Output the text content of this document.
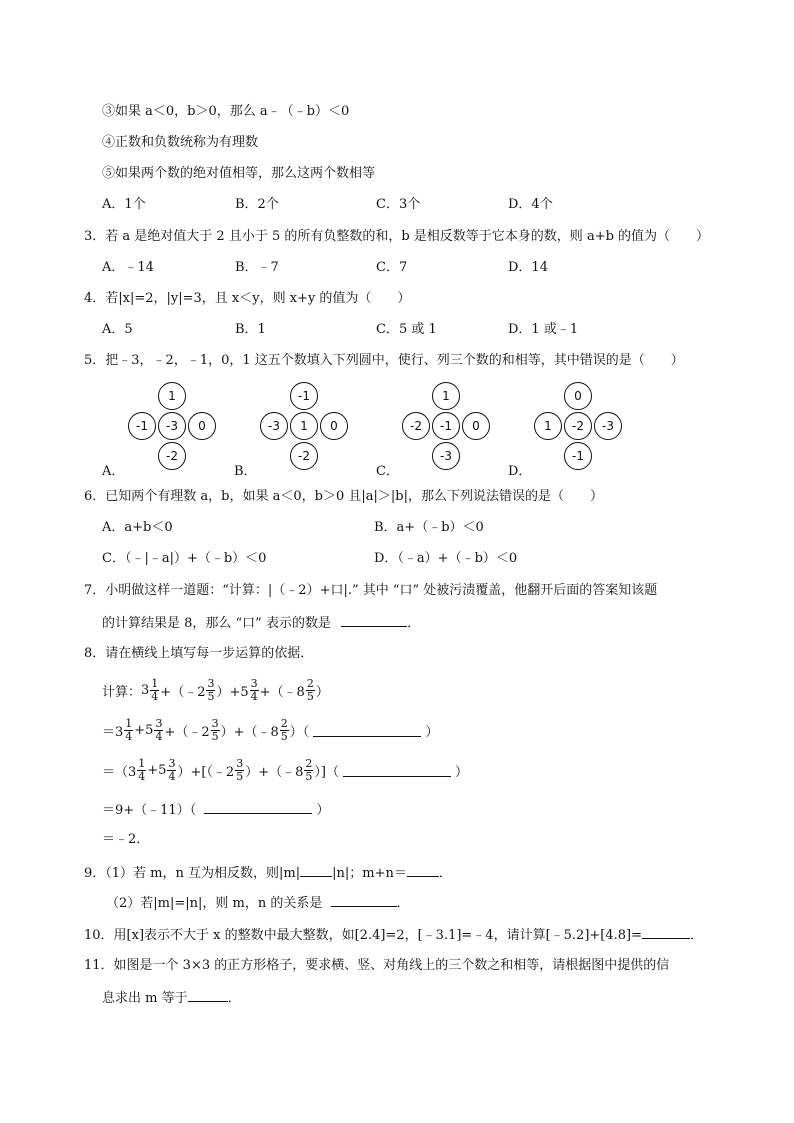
③如果 a＜0，b＞0，那么 a﹣（﹣b）＜0
④正数和负数统称为有理数
⑤如果两个数的绝对值相等，那么这两个数相等
A．1个	B．2个	C．3个	D．4个
3．若 a 是绝对值大于 2 且小于 5 的所有负整数的和，b 是相反数等于它本身的数，则 a+b 的值为（　　）
A．﹣14	B．﹣7	C．7	D．14
4．若|x|=2，|y|=3，且 x＜y，则 x+y 的值为（　　）
A．5	B．1	C．5 或 1	D．1 或﹣1
5．把﹣3，﹣2，﹣1，0，1 这五个数填入下列圆中，使行、列三个数的和相等，其中错误的是（　　）
A．
1
-1	-3	0
-2
B．
-1
-3	1	0
-2
C．
1
-2	-1	0
-3
D．
0
1	-2	-3
-1
6．已知两个有理数 a，b，如果 a＜0，b＞0 且|a|＞|b|，那么下列说法错误的是（　　）
A．a+b＜0	B．a+（﹣b）＜0
C．（﹣|﹣a|）+（﹣b）＜0	D．（﹣a）+（﹣b）＜0
7．小明做这样一道题：“计算：|（﹣2）+口|.” 其中 “口” 处被污渍覆盖，他翻开后面的答案知该题
的计算结果是 8，那么 “口” 表示的数是	．
8．请在横线上填写每一步运算的依据．
计算： $3 \frac{1}{4}$ +（﹣2 $\frac{3}{5} )+5 \frac{3}{4}$ +（﹣8 $\frac{2}{5}$ ）
$=3 \frac{1}{4} +5 \frac{3}{4}$ +（﹣2 $\frac{3}{5}$ ）+（﹣8 $\frac{2}{5}$ ）（	）
$=(3 \frac{1}{4} +5 \frac{3}{4}$ ）+[（﹣2 $\frac{3}{5}$ ）+（﹣8 $\frac{2}{5}$ ）]（	）
＝9+（﹣11）（	）
＝﹣2．
9．（1）若 m，n 互为相反数，则|m| |n|；m+n＝ ．
（2）若|m|=|n|，则 m，n 的关系是	．
10．用[x]表示不大于 x 的整数中最大整数，如[2.4]=2，[﹣3.1]=﹣4，请计算[﹣5.2]+[4.8]=	．
11．如图是一个 3×3 的正方形格子，要求横、竖、对角线上的三个数之和相等，请根据图中提供的信
息求出 m 等于	．
